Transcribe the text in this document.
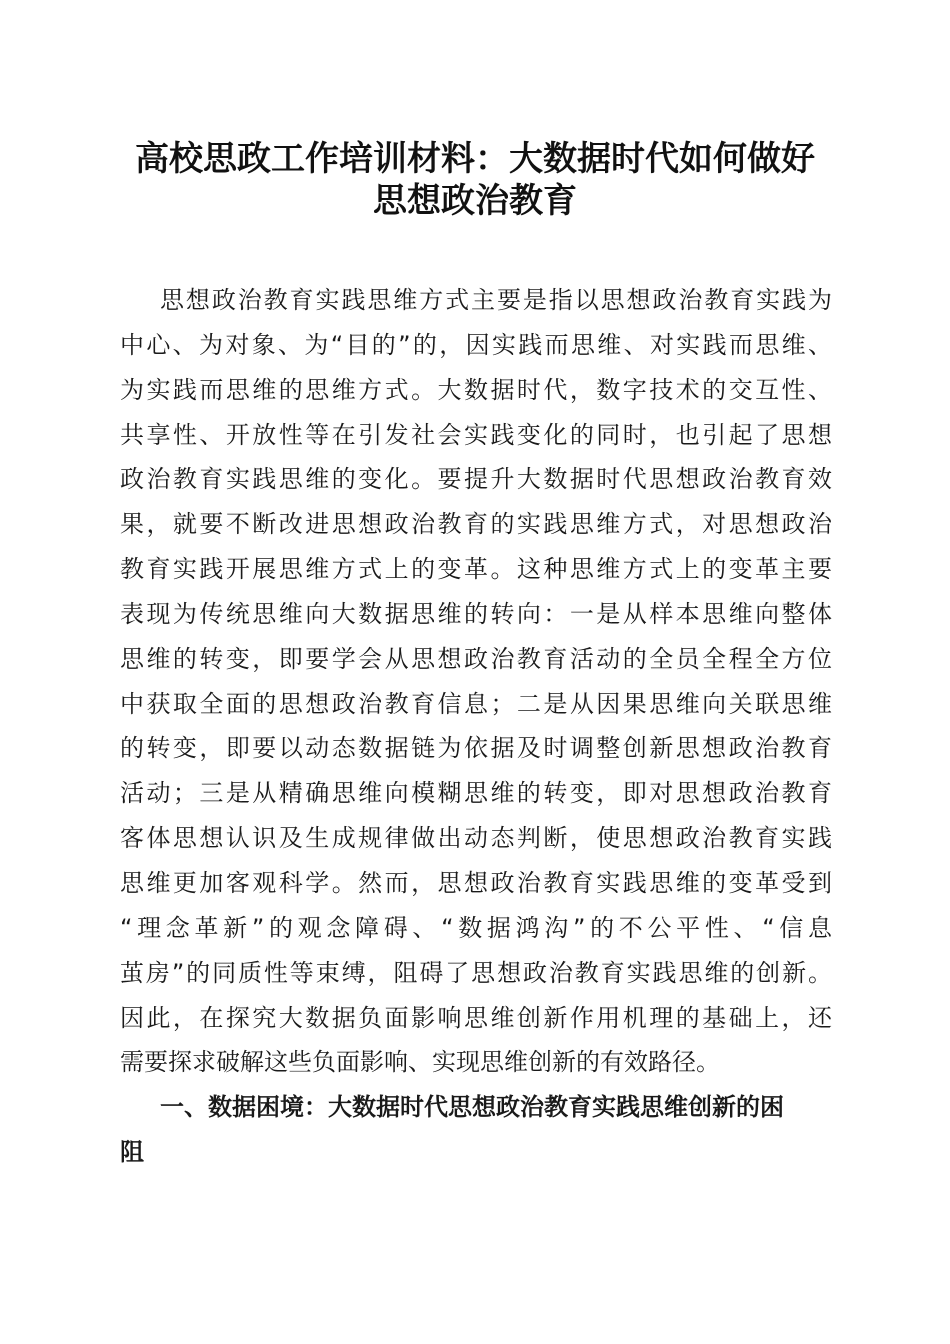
高校思政工作培训材料：大数据时代如何做好
思想政治教育
思想政治教育实践思维方式主要是指以思想政治教育实践为
中心、为对象、为“目的”的，因实践而思维、对实践而思维、
为实践而思维的思维方式。大数据时代，数字技术的交互性、
共享性、开放性等在引发社会实践变化的同时，也引起了思想
政治教育实践思维的变化。要提升大数据时代思想政治教育效
果，就要不断改进思想政治教育的实践思维方式，对思想政治
教育实践开展思维方式上的变革。这种思维方式上的变革主要
表现为传统思维向大数据思维的转向：一是从样本思维向整体
思维的转变，即要学会从思想政治教育活动的全员全程全方位
中获取全面的思想政治教育信息；二是从因果思维向关联思维
的转变，即要以动态数据链为依据及时调整创新思想政治教育
活动；三是从精确思维向模糊思维的转变，即对思想政治教育
客体思想认识及生成规律做出动态判断，使思想政治教育实践
思维更加客观科学。然而，思想政治教育实践思维的变革受到
“理念革新”的观念障碍、“数据鸿沟”的不公平性、“信息
茧房”的同质性等束缚，阻碍了思想政治教育实践思维的创新。
因此，在探究大数据负面影响思维创新作用机理的基础上，还
需要探求破解这些负面影响、实现思维创新的有效路径。
一、数据困境：大数据时代思想政治教育实践思维创新的困
阻
